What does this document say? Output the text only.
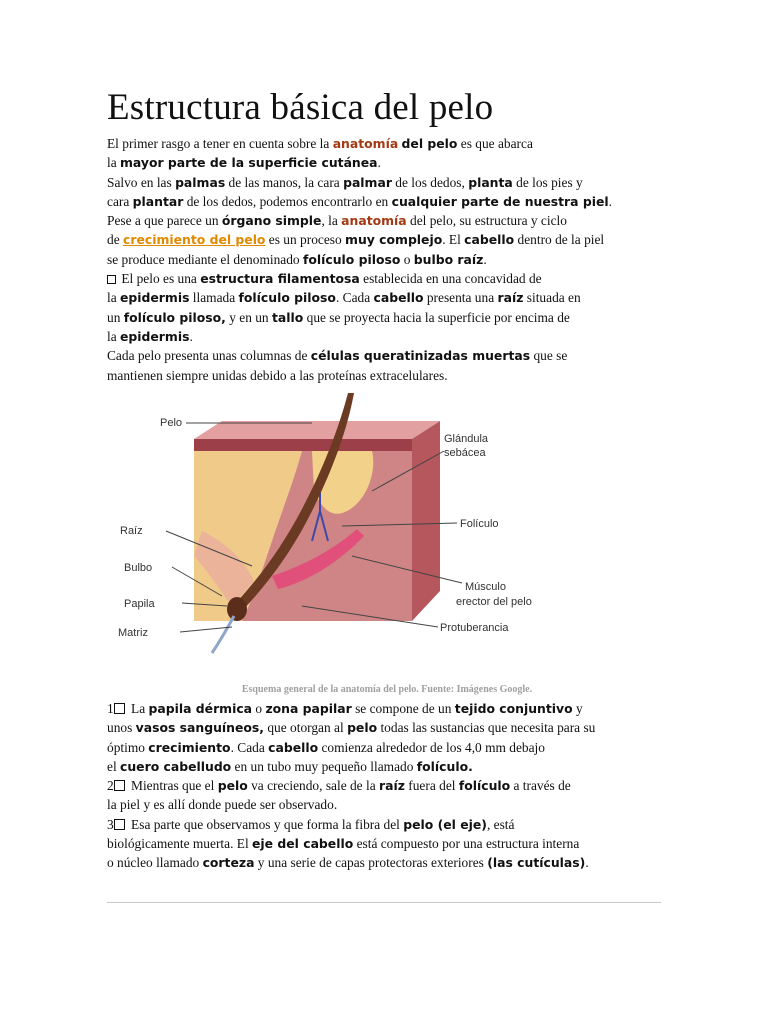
Estructura básica del pelo

El primer rasgo a tener en cuenta sobre la anatomía del pelo es que abarca

la mayor parte de la superficie cutánea.

Salvo en las palmas de las manos, la cara palmar de los dedos, planta de los pies y

cara plantar de los dedos, podemos encontrarlo en cualquier parte de nuestra piel.

Pese a que parece un órgano simple, la anatomía del pelo, su estructura y ciclo

de crecimiento del pelo es un proceso muy complejo. El cabello dentro de la piel

se produce mediante el denominado folículo piloso o bulbo raíz.

El pelo es una estructura filamentosa establecida en una concavidad de

la epidermis llamada folículo piloso. Cada cabello presenta una raíz situada en

un folículo piloso, y en un tallo que se proyecta hacia la superficie por encima de

la epidermis.

Cada pelo presenta unas columnas de células queratinizadas muertas que se

mantienen siempre unidas debido a las proteínas extracelulares.

Pelo
Raíz
Bulbo
Papila
Matriz
Glándula
sebácea
Folículo
Músculo
erector del pelo
Protuberancia
Esquema general de la anatomía del pelo. Fuente: Imágenes Google.

1 La papila dérmica o zona papilar se compone de un tejido conjuntivo y

unos vasos sanguíneos, que otorgan al pelo todas las sustancias que necesita para su

óptimo crecimiento. Cada cabello comienza alrededor de los 4,0 mm debajo

el cuero cabelludo en un tubo muy pequeño llamado folículo.

2 Mientras que el pelo va creciendo, sale de la raíz fuera del folículo a través de

la piel y es allí donde puede ser observado.

3 Esa parte que observamos y que forma la fibra del pelo (el eje), está

biológicamente muerta. El eje del cabello está compuesto por una estructura interna

o núcleo llamado corteza y una serie de capas protectoras exteriores (las cutículas).
